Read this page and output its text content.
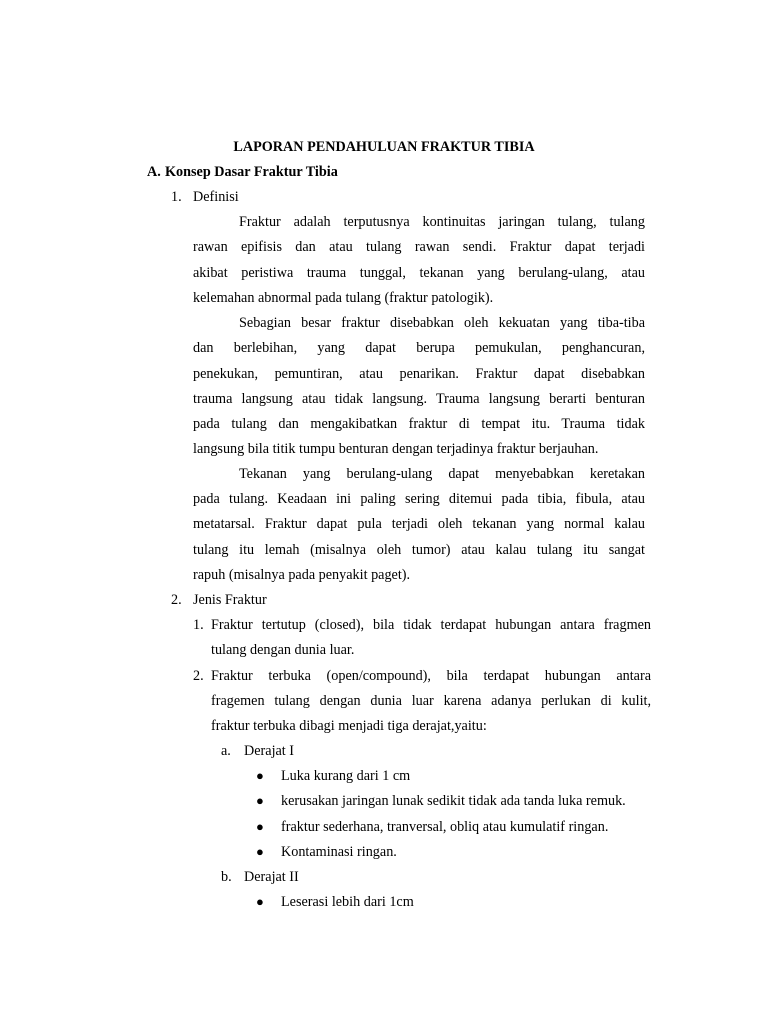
LAPORAN PENDAHULUAN FRAKTUR TIBIA
A. Konsep Dasar Fraktur Tibia
1. Definisi
Fraktur adalah terputusnya kontinuitas jaringan tulang, tulang
rawan epifisis dan atau tulang rawan sendi. Fraktur dapat terjadi
akibat peristiwa trauma tunggal, tekanan yang berulang-ulang, atau
kelemahan abnormal pada tulang (fraktur patologik).
Sebagian besar fraktur disebabkan oleh kekuatan yang tiba-tiba
dan berlebihan, yang dapat berupa pemukulan, penghancuran,
penekukan, pemuntiran, atau penarikan. Fraktur dapat disebabkan
trauma langsung atau tidak langsung. Trauma langsung berarti benturan
pada tulang dan mengakibatkan fraktur di tempat itu. Trauma tidak
langsung bila titik tumpu benturan dengan terjadinya fraktur berjauhan.
Tekanan yang berulang-ulang dapat menyebabkan keretakan
pada tulang. Keadaan ini paling sering ditemui pada tibia, fibula, atau
metatarsal. Fraktur dapat pula terjadi oleh tekanan yang normal kalau
tulang itu lemah (misalnya oleh tumor) atau kalau tulang itu sangat
rapuh (misalnya pada penyakit paget).
2. Jenis Fraktur
1. Fraktur tertutup (closed), bila tidak terdapat hubungan antara fragmen
tulang dengan dunia luar.
2. Fraktur terbuka (open/compound), bila terdapat hubungan antara
fragemen tulang dengan dunia luar karena adanya perlukan di kulit,
fraktur terbuka dibagi menjadi tiga derajat,yaitu:
a. Derajat I
● Luka kurang dari 1 cm
● kerusakan jaringan lunak sedikit tidak ada tanda luka remuk.
● fraktur sederhana, tranversal, obliq atau kumulatif ringan.
● Kontaminasi ringan.
b. Derajat II
● Leserasi lebih dari 1cm
